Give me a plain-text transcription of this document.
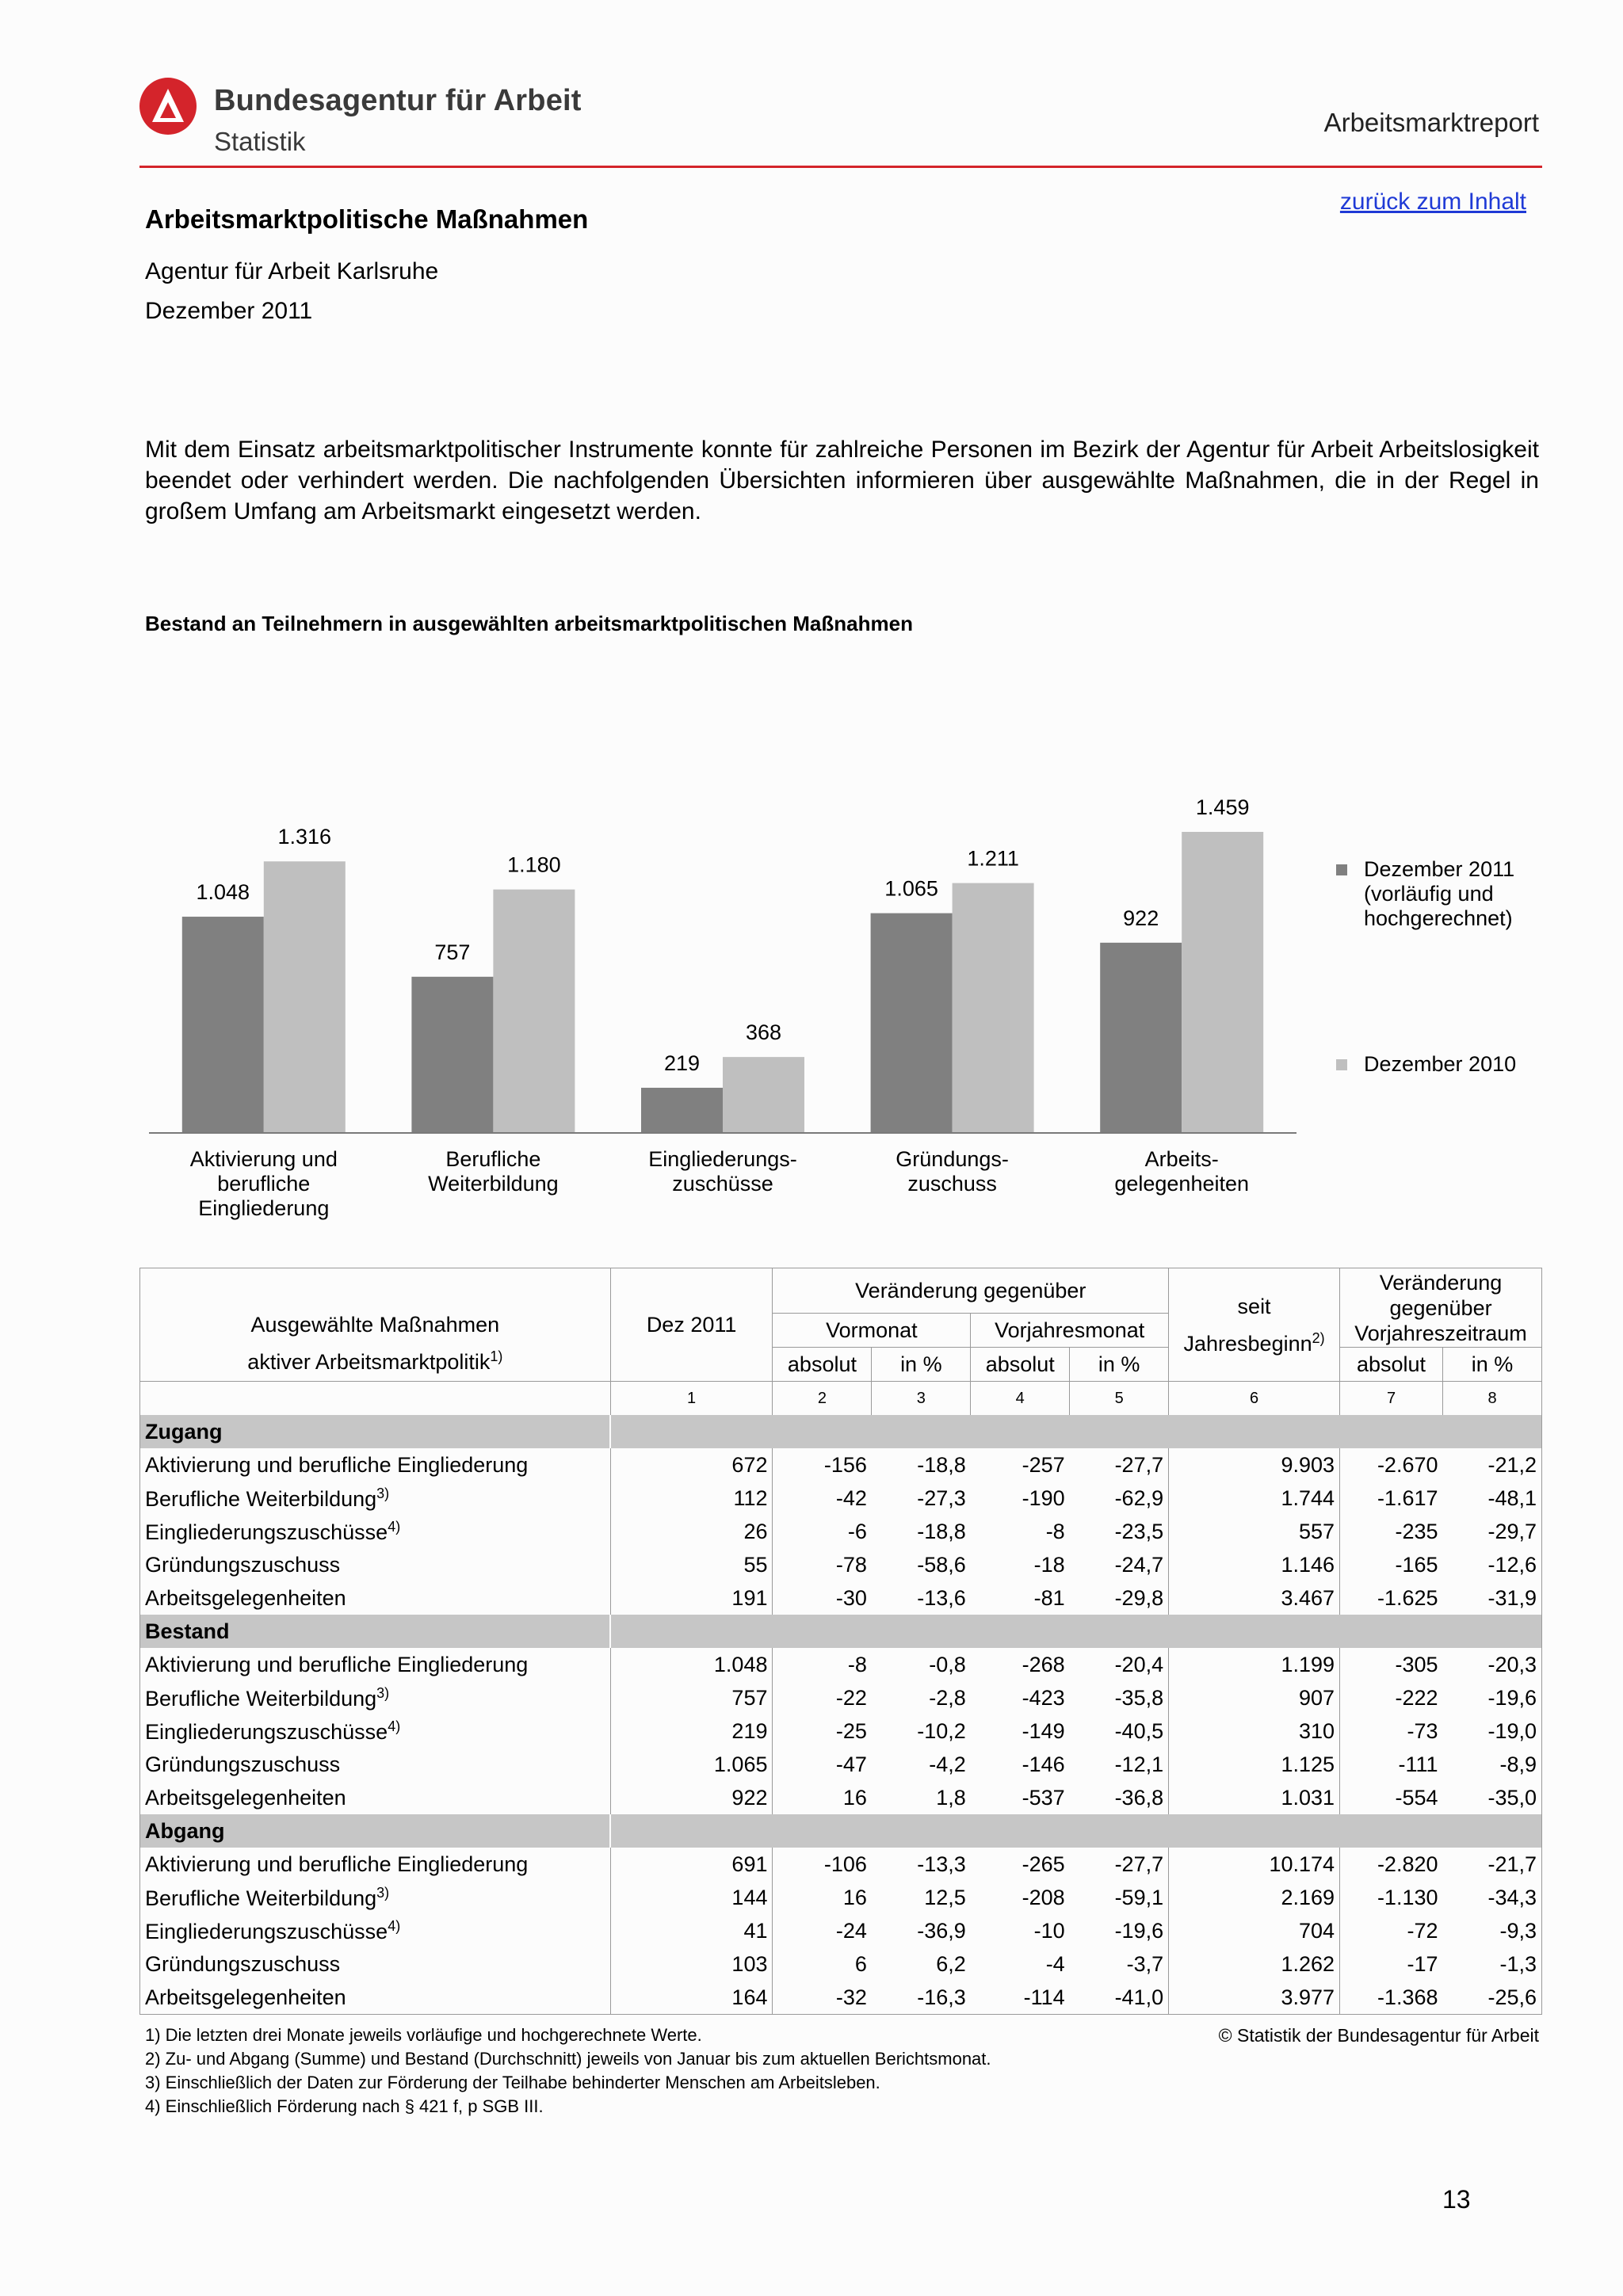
Bundesagentur für Arbeit
Statistik
Arbeitsmarktreport
zurück zum Inhalt
Arbeitsmarktpolitische Maßnahmen
Agentur für Arbeit Karlsruhe
Dezember 2011
Mit dem Einsatz arbeitsmarktpolitischer Instrumente konnte für zahlreiche Personen im Bezirk der Agentur für Arbeit Arbeitslosigkeit beendet oder verhindert werden. Die nachfolgenden Übersichten informieren über ausgewählte Maßnahmen, die in der Regel in großem Umfang am Arbeitsmarkt eingesetzt werden.
Bestand an Teilnehmern in ausgewählten arbeitsmarktpolitischen Maßnahmen
1.048
1.316
757
1.180
219
368
1.065
1.211
922
1.459
Aktivierung und
berufliche
Eingliederung
Berufliche
Weiterbildung
Eingliederungs-
zuschüsse
Gründungs-
zuschuss
Arbeits-
gelegenheiten
Dezember 2011
(vorläufig und
hochgerechnet)
Dezember 2010
Ausgewählte Maßnahmen
aktiver Arbeitsmarktpolitik$^{1)}$	Dez 2011	Veränderung gegenüber				seit
Jahresbeginn$^{2)}$	Veränderung
gegenüber
Vorjahreszeitraum	
		Vormonat		Vorjahresmonat				
		absolut	in %	absolut	in %		absolut	in %
	1	2	3	4	5	6	7	8
Zugang								
Aktivierung und berufliche Eingliederung	672	-156	-18,8	-257	-27,7	9.903	-2.670	-21,2
Berufliche Weiterbildung$^{3)}$	112	-42	-27,3	-190	-62,9	1.744	-1.617	-48,1
Eingliederungszuschüsse$^{4)}$	26	-6	-18,8	-8	-23,5	557	-235	-29,7
Gründungszuschuss	55	-78	-58,6	-18	-24,7	1.146	-165	-12,6
Arbeitsgelegenheiten	191	-30	-13,6	-81	-29,8	3.467	-1.625	-31,9
Bestand								
Aktivierung und berufliche Eingliederung	1.048	-8	-0,8	-268	-20,4	1.199	-305	-20,3
Berufliche Weiterbildung$^{3)}$	757	-22	-2,8	-423	-35,8	907	-222	-19,6
Eingliederungszuschüsse$^{4)}$	219	-25	-10,2	-149	-40,5	310	-73	-19,0
Gründungszuschuss	1.065	-47	-4,2	-146	-12,1	1.125	-111	-8,9
Arbeitsgelegenheiten	922	16	1,8	-537	-36,8	1.031	-554	-35,0
Abgang								
Aktivierung und berufliche Eingliederung	691	-106	-13,3	-265	-27,7	10.174	-2.820	-21,7
Berufliche Weiterbildung$^{3)}$	144	16	12,5	-208	-59,1	2.169	-1.130	-34,3
Eingliederungszuschüsse$^{4)}$	41	-24	-36,9	-10	-19,6	704	-72	-9,3
Gründungszuschuss	103	6	6,2	-4	-3,7	1.262	-17	-1,3
Arbeitsgelegenheiten	164	-32	-16,3	-114	-41,0	3.977	-1.368	-25,6
1) Die letzten drei Monate jeweils vorläufige und hochgerechnete Werte.
2) Zu- und Abgang (Summe) und Bestand (Durchschnitt) jeweils von Januar bis zum aktuellen Berichtsmonat.
3) Einschließlich der Daten zur Förderung der Teilhabe behinderter Menschen am Arbeitsleben.
4) Einschließlich Förderung nach § 421 f, p SGB III.
© Statistik der Bundesagentur für Arbeit
13
